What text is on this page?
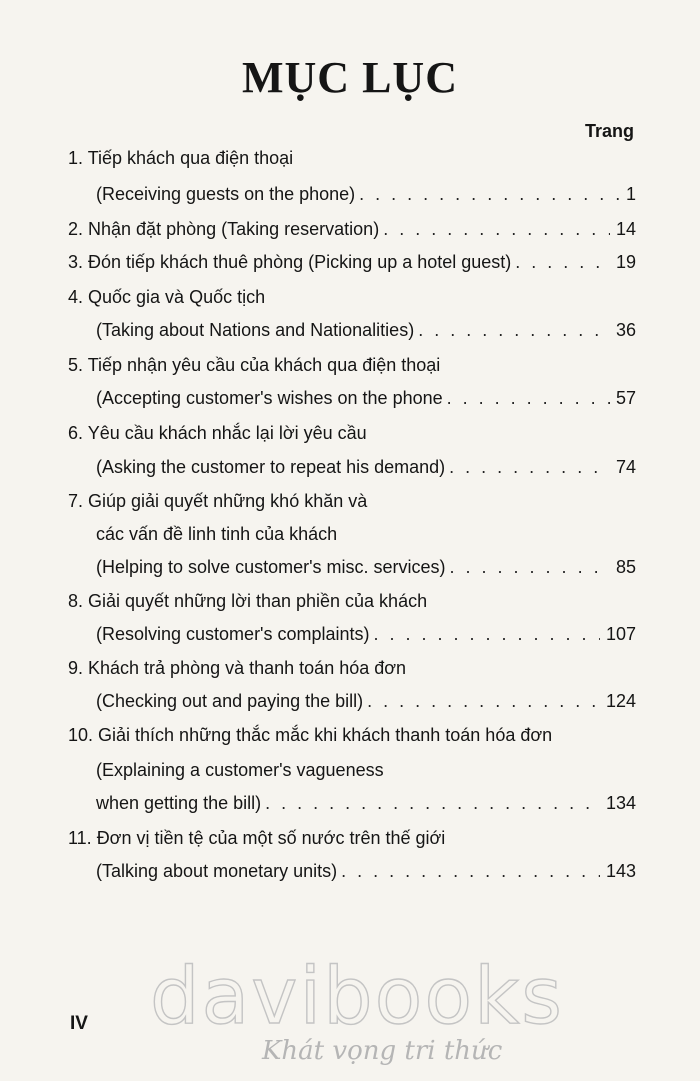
MỤC LỤC
Trang
1. Tiếp khách qua điện thoại
(Receiving guests on the phone) . . .	1
2. Nhận đặt phòng (Taking reservation) . . .	14
3. Đón tiếp khách thuê phòng (Picking up a hotel guest) . . .	19
4. Quốc gia và Quốc tịch
(Taking about Nations and Nationalities) . . .	36
5. Tiếp nhận yêu cầu của khách qua điện thoại
(Accepting customer's wishes on the phone . . .	57
6. Yêu cầu khách nhắc lại lời yêu cầu
(Asking the customer to repeat his demand) . . .	74
7. Giúp giải quyết những khó khăn và
các vấn đề linh tinh của khách
(Helping to solve customer's misc. services) . . .	85
8. Giải quyết những lời than phiền của khách
(Resolving customer's complaints) . . .	107
9. Khách trả phòng và thanh toán hóa đơn
(Checking out and paying the bill) . . .	124
10. Giải thích những thắc mắc khi khách thanh toán hóa đơn
(Explaining a customer's vagueness
when getting the bill) . . .	134
11. Đơn vị tiền tệ của một số nước trên thế giới
(Talking about monetary units) . . .	143
davibooks
Khát vọng tri thức
IV
